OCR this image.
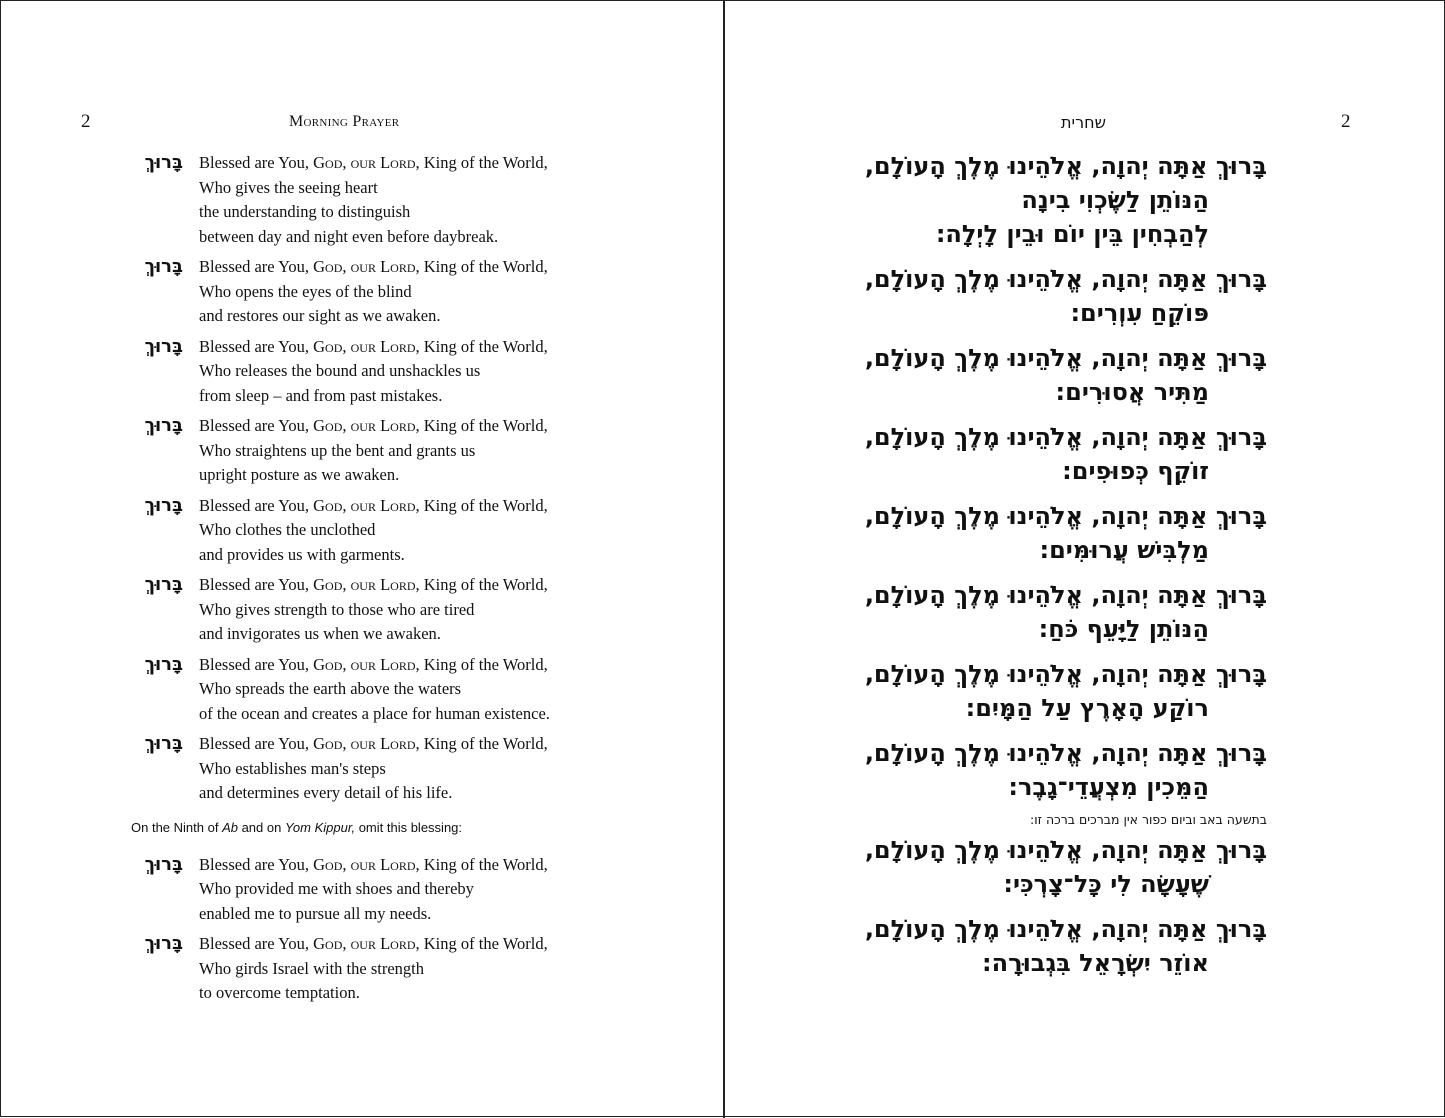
2	Morning Prayer
בָּרוּךְ Blessed are You, God, our Lord, King of the World,
Who gives the seeing heart
the understanding to distinguish
between day and night even before daybreak.
בָּרוּךְ Blessed are You, God, our Lord, King of the World,
Who opens the eyes of the blind
and restores our sight as we awaken.
בָּרוּךְ Blessed are You, God, our Lord, King of the World,
Who releases the bound and unshackles us
from sleep – and from past mistakes.
בָּרוּךְ Blessed are You, God, our Lord, King of the World,
Who straightens up the bent and grants us
upright posture as we awaken.
בָּרוּךְ Blessed are You, God, our Lord, King of the World,
Who clothes the unclothed
and provides us with garments.
בָּרוּךְ Blessed are You, God, our Lord, King of the World,
Who gives strength to those who are tired
and invigorates us when we awaken.
בָּרוּךְ Blessed are You, God, our Lord, King of the World,
Who spreads the earth above the waters
of the ocean and creates a place for human existence.
בָּרוּךְ Blessed are You, God, our Lord, King of the World,
Who establishes man's steps
and determines every detail of his life.
On the Ninth of Ab and on Yom Kippur, omit this blessing:
בָּרוּךְ Blessed are You, God, our Lord, King of the World,
Who provided me with shoes and thereby
enabled me to pursue all my needs.
בָּרוּךְ Blessed are You, God, our Lord, King of the World,
Who girds Israel with the strength
to overcome temptation.
שחרית	2
בָּרוּךְ אַתָּה יְהוָה, אֱלֹהֵינוּ מֶלֶךְ הָעוֹלָם,
הַנּוֹתֵן לַשֶּׂכְוִי בִינָה
לְהַבְחִין בֵּין יוֹם וּבֵין לָיְלָה:
בָּרוּךְ אַתָּה יְהוָה, אֱלֹהֵינוּ מֶלֶךְ הָעוֹלָם,
פּוֹקֵחַ עִוְרִים:
בָּרוּךְ אַתָּה יְהוָה, אֱלֹהֵינוּ מֶלֶךְ הָעוֹלָם,
מַתִּיר אֲסוּרִים:
בָּרוּךְ אַתָּה יְהוָה, אֱלֹהֵינוּ מֶלֶךְ הָעוֹלָם,
זוֹקֵף כְּפוּפִים:
בָּרוּךְ אַתָּה יְהוָה, אֱלֹהֵינוּ מֶלֶךְ הָעוֹלָם,
מַלְבִּישׁ עֲרוּמִּים:
בָּרוּךְ אַתָּה יְהוָה, אֱלֹהֵינוּ מֶלֶךְ הָעוֹלָם,
הַנּוֹתֵן לַיָּעֵף כֹּחַ:
בָּרוּךְ אַתָּה יְהוָה, אֱלֹהֵינוּ מֶלֶךְ הָעוֹלָם,
רוֹקַע הָאָרֶץ עַל הַמָּיִם:
בָּרוּךְ אַתָּה יְהוָה, אֱלֹהֵינוּ מֶלֶךְ הָעוֹלָם,
הַמֵּכִין מִצְעֲדֵי־גָבֶר:
בתשעה באב וביום כפור אין מברכים ברכה זו:
בָּרוּךְ אַתָּה יְהוָה, אֱלֹהֵינוּ מֶלֶךְ הָעוֹלָם,
שֶׁעָשָׂה לִי כָּל־צָרְכִּי:
בָּרוּךְ אַתָּה יְהוָה, אֱלֹהֵינוּ מֶלֶךְ הָעוֹלָם,
אוֹזֵר יִשְׂרָאֵל בִּגְבוּרָה:
